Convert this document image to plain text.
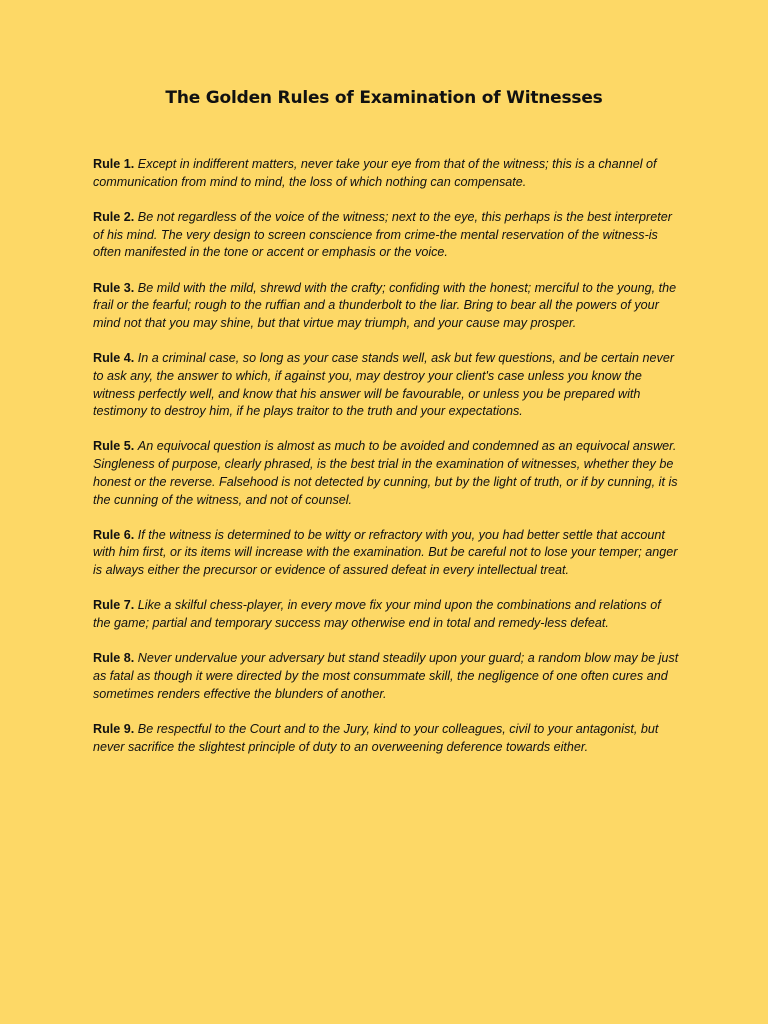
The Golden Rules of Examination of Witnesses

Rule 1. Except in indifferent matters, never take your eye from that of the witness; this is a channel of communication from mind to mind, the loss of which nothing can compensate.

Rule 2. Be not regardless of the voice of the witness; next to the eye, this perhaps is the best interpreter of his mind. The very design to screen conscience from crime-the mental reservation of the witness-is often manifested in the tone or accent or emphasis or the voice.

Rule 3. Be mild with the mild, shrewd with the crafty; confiding with the honest; merciful to the young, the frail or the fearful; rough to the ruffian and a thunderbolt to the liar. Bring to bear all the powers of your mind not that you may shine, but that virtue may triumph, and your cause may prosper.

Rule 4. In a criminal case, so long as your case stands well, ask but few questions, and be certain never to ask any, the answer to which, if against you, may destroy your client's case unless you know the witness perfectly well, and know that his answer will be favourable, or unless you be prepared with testimony to destroy him, if he plays traitor to the truth and your expectations.

Rule 5. An equivocal question is almost as much to be avoided and condemned as an equivocal answer. Singleness of purpose, clearly phrased, is the best trial in the examination of witnesses, whether they be honest or the reverse. Falsehood is not detected by cunning, but by the light of truth, or if by cunning, it is the cunning of the witness, and not of counsel.

Rule 6. If the witness is determined to be witty or refractory with you, you had better settle that account with him first, or its items will increase with the examination. But be careful not to lose your temper; anger is always either the precursor or evidence of assured defeat in every intellectual treat.

Rule 7. Like a skilful chess-player, in every move fix your mind upon the combinations and relations of the game; partial and temporary success may otherwise end in total and remedy-less defeat.

Rule 8. Never undervalue your adversary but stand steadily upon your guard; a random blow may be just as fatal as though it were directed by the most consummate skill, the negligence of one often cures and sometimes renders effective the blunders of another.

Rule 9. Be respectful to the Court and to the Jury, kind to your colleagues, civil to your antagonist, but never sacrifice the slightest principle of duty to an overweening deference towards either.
